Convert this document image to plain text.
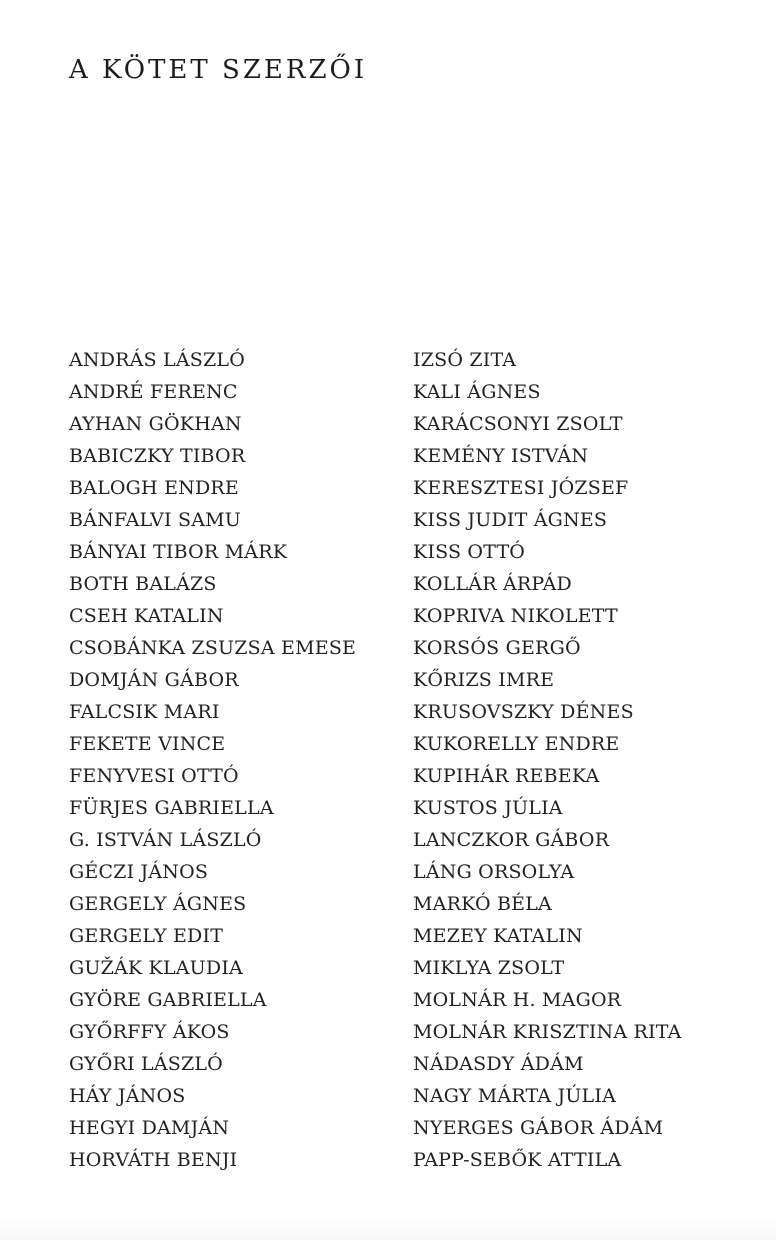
A KÖTET SZERZŐI
ANDRÁS LÁSZLÓ
ANDRÉ FERENC
AYHAN GÖKHAN
BABICZKY TIBOR
BALOGH ENDRE
BÁNFALVI SAMU
BÁNYAI TIBOR MÁRK
BOTH BALÁZS
CSEH KATALIN
CSOBÁNKA ZSUZSA EMESE
DOMJÁN GÁBOR
FALCSIK MARI
FEKETE VINCE
FENYVESI OTTÓ
FÜRJES GABRIELLA
G. ISTVÁN LÁSZLÓ
GÉCZI JÁNOS
GERGELY ÁGNES
GERGELY EDIT
GUŽÁK KLAUDIA
GYÖRE GABRIELLA
GYŐRFFY ÁKOS
GYŐRI LÁSZLÓ
HÁY JÁNOS
HEGYI DAMJÁN
HORVÁTH BENJI
IZSÓ ZITA
KALI ÁGNES
KARÁCSONYI ZSOLT
KEMÉNY ISTVÁN
KERESZTESI JÓZSEF
KISS JUDIT ÁGNES
KISS OTTÓ
KOLLÁR ÁRPÁD
KOPRIVA NIKOLETT
KORSÓS GERGŐ
KŐRIZS IMRE
KRUSOVSZKY DÉNES
KUKORELLY ENDRE
KUPIHÁR REBEKA
KUSTOS JÚLIA
LANCZKOR GÁBOR
LÁNG ORSOLYA
MARKÓ BÉLA
MEZEY KATALIN
MIKLYA ZSOLT
MOLNÁR H. MAGOR
MOLNÁR KRISZTINA RITA
NÁDASDY ÁDÁM
NAGY MÁRTA JÚLIA
NYERGES GÁBOR ÁDÁM
PAPP-SEBŐK ATTILA
